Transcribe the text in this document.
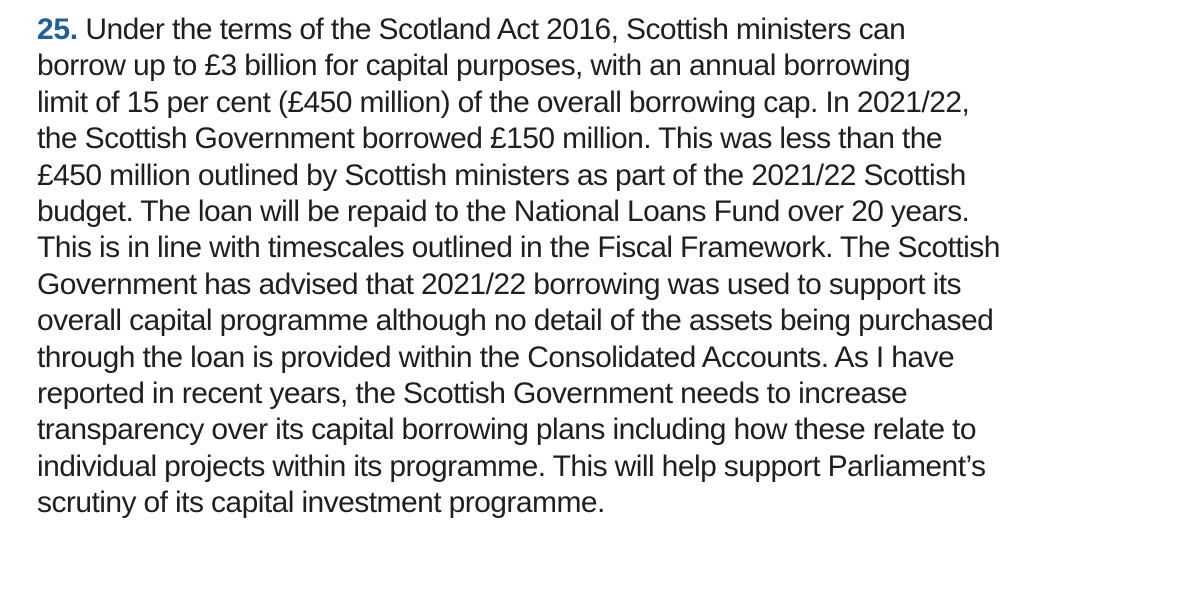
25. Under the terms of the Scotland Act 2016, Scottish ministers can
borrow up to £3 billion for capital purposes, with an annual borrowing
limit of 15 per cent (£450 million) of the overall borrowing cap. In 2021/22,
the Scottish Government borrowed £150 million. This was less than the
£450 million outlined by Scottish ministers as part of the 2021/22 Scottish
budget. The loan will be repaid to the National Loans Fund over 20 years.
This is in line with timescales outlined in the Fiscal Framework. The Scottish
Government has advised that 2021/22 borrowing was used to support its
overall capital programme although no detail of the assets being purchased
through the loan is provided within the Consolidated Accounts. As I have
reported in recent years, the Scottish Government needs to increase
transparency over its capital borrowing plans including how these relate to
individual projects within its programme. This will help support Parliament’s
scrutiny of its capital investment programme.
